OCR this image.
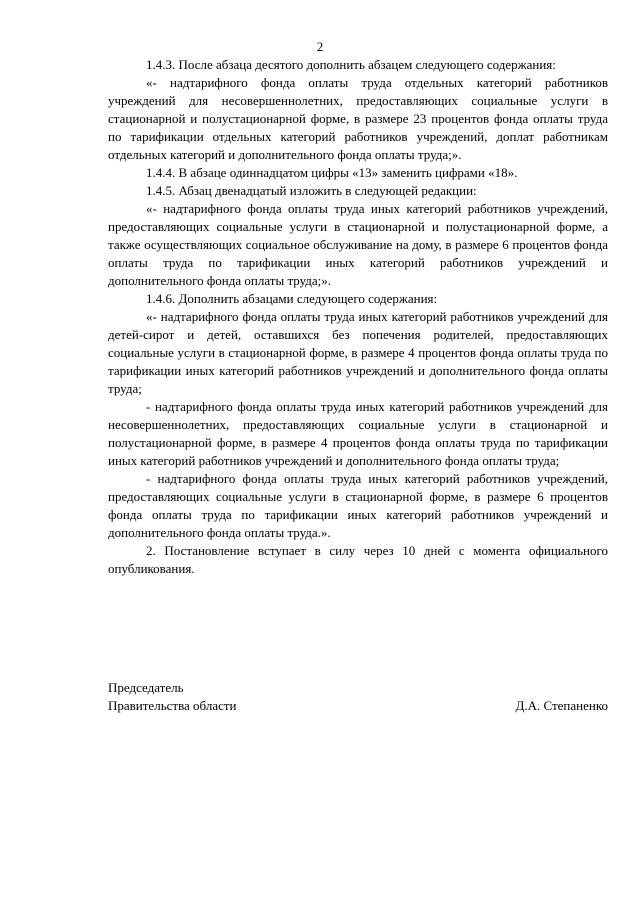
2

1.4.3. После абзаца десятого дополнить абзацем следующего содержания:

«- надтарифного фонда оплаты труда отдельных категорий работников учреждений для несовершеннолетних, предоставляющих социальные услуги в стационарной и полустационарной форме, в размере 23 процентов фонда оплаты труда по тарификации отдельных категорий работников учреждений, доплат работникам отдельных категорий и дополнительного фонда оплаты труда;».

1.4.4. В абзаце одиннадцатом цифры «13» заменить цифрами «18».

1.4.5. Абзац двенадцатый изложить в следующей редакции:

«- надтарифного фонда оплаты труда иных категорий работников учреждений, предоставляющих социальные услуги в стационарной и полустационарной форме, а также осуществляющих социальное обслуживание на дому, в размере 6 процентов фонда оплаты труда по тарификации иных категорий работников учреждений и дополнительного фонда оплаты труда;».

1.4.6. Дополнить абзацами следующего содержания:

«- надтарифного фонда оплаты труда иных категорий работников учреждений для детей-сирот и детей, оставшихся без попечения родителей, предоставляющих социальные услуги в стационарной форме, в размере 4 процентов фонда оплаты труда по тарификации иных категорий работников учреждений и дополнительного фонда оплаты труда;

- надтарифного фонда оплаты труда иных категорий работников учреждений для несовершеннолетних, предоставляющих социальные услуги в стационарной и полустационарной форме, в размере 4 процентов фонда оплаты труда по тарификации иных категорий работников учреждений и дополнительного фонда оплаты труда;

- надтарифного фонда оплаты труда иных категорий работников учреждений, предоставляющих социальные услуги в стационарной форме, в размере 6 процентов фонда оплаты труда по тарификации иных категорий работников учреждений и дополнительного фонда оплаты труда.».

2. Постановление вступает в силу через 10 дней с момента официального опубликования.

Председатель
Правительства области	Д.А. Степаненко
